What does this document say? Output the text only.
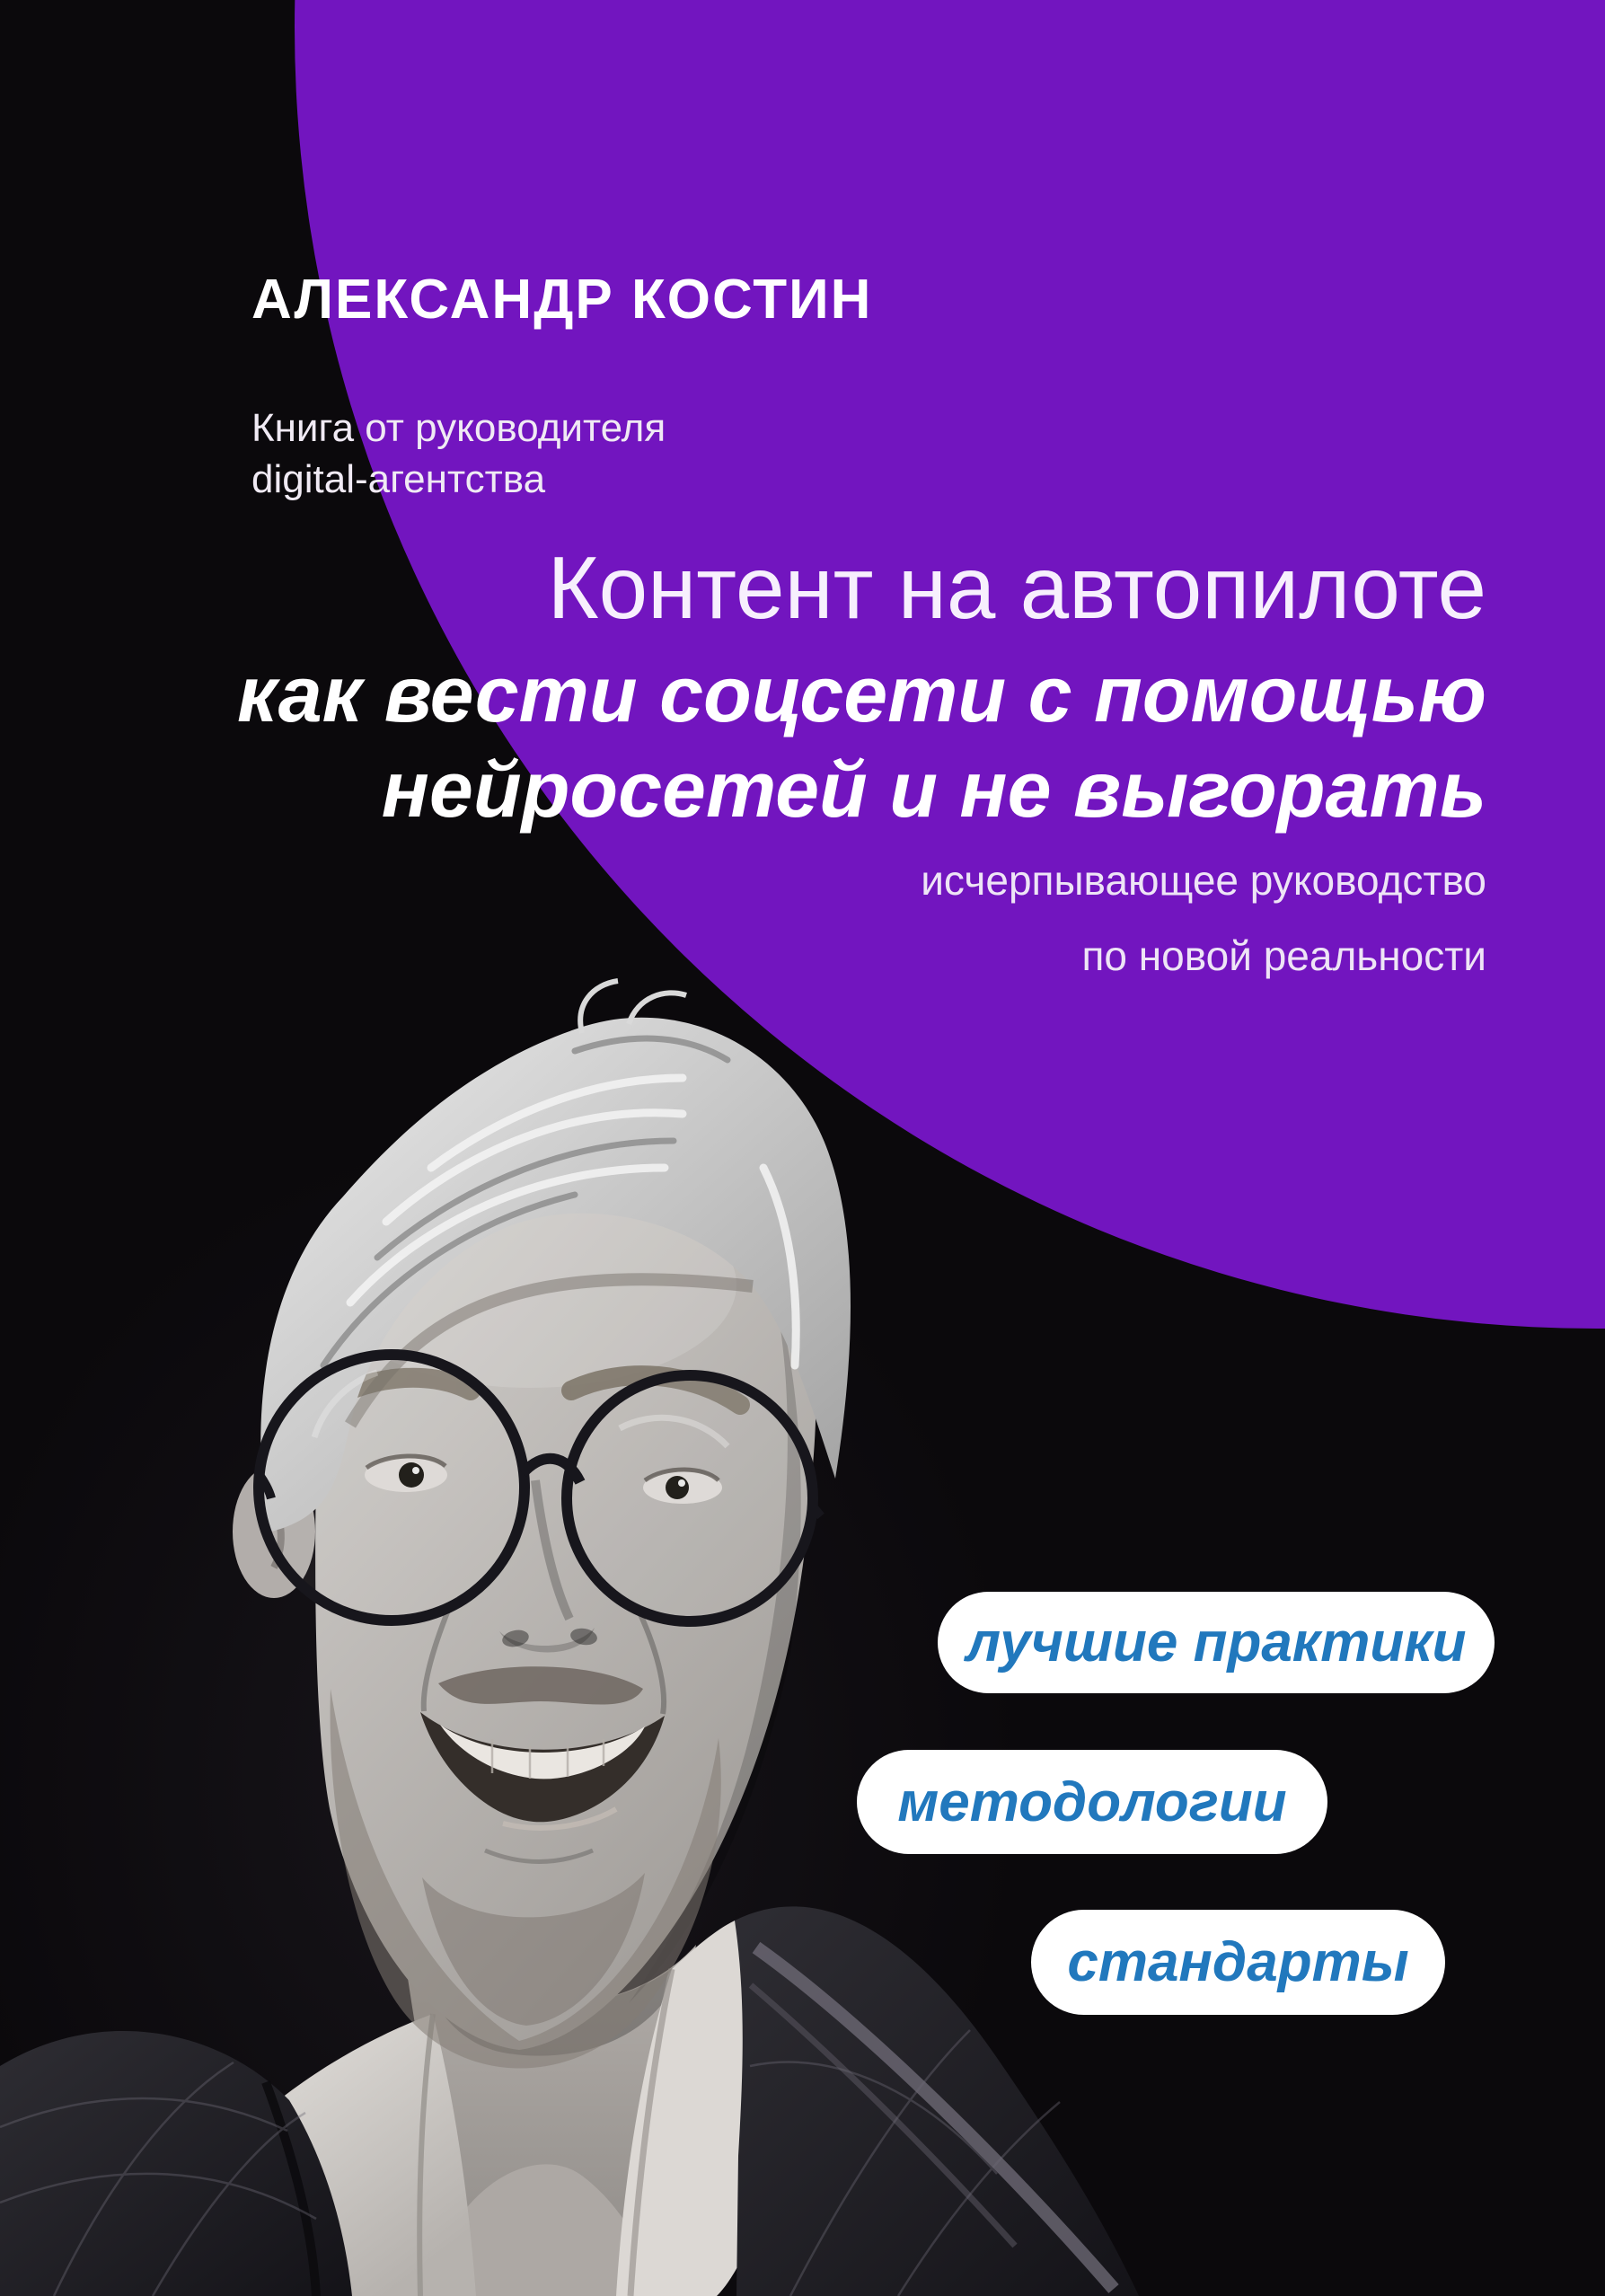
АЛЕКСАНДР КОСТИН
Книга от руководителя
digital-агентства
Контент на автопилоте
как вести соцсети с помощью
нейросетей и не выгорать
исчерпывающее руководство
по новой реальности
лучшие практики
методологии
стандарты
